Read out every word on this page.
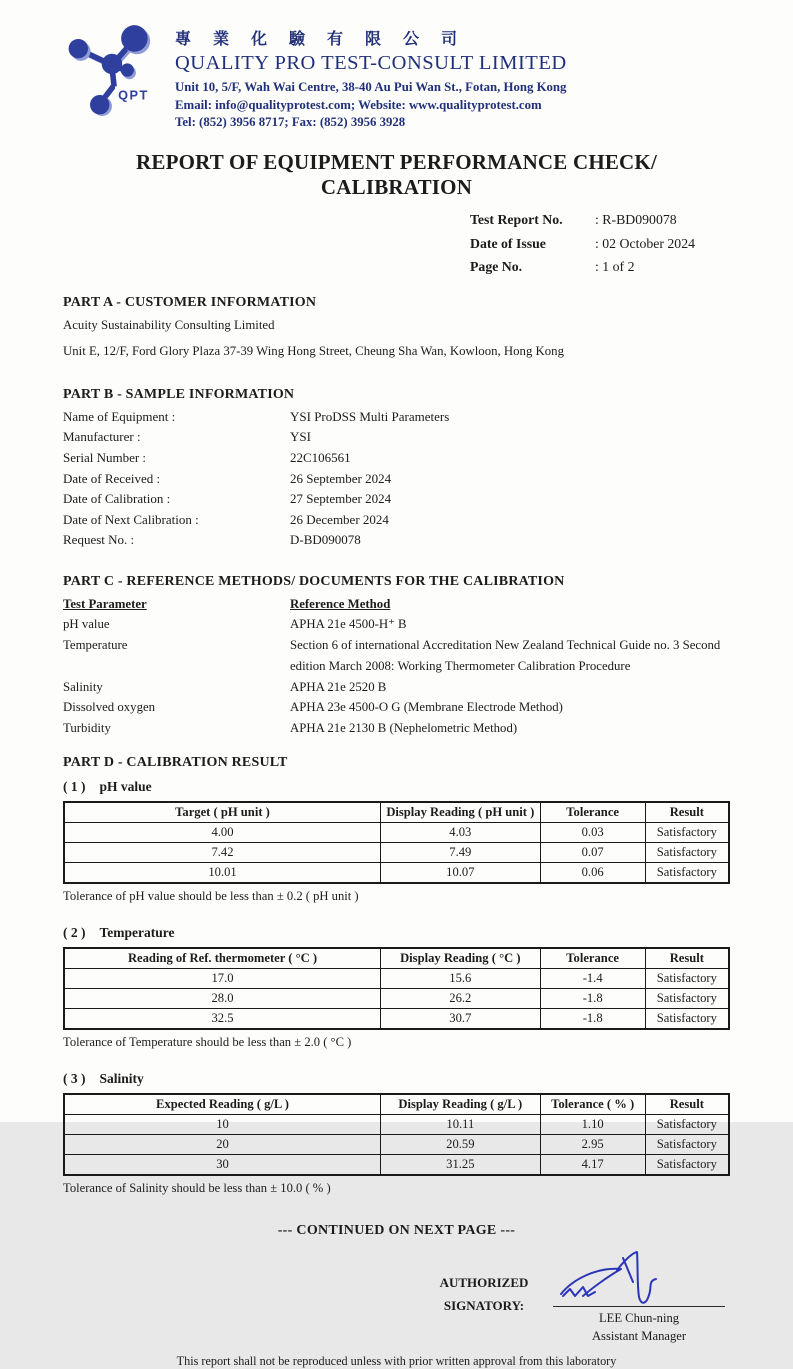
QPT
專 業 化 驗 有 限 公 司
QUALITY PRO TEST-CONSULT LIMITED
Unit 10, 5/F, Wah Wai Centre, 38-40 Au Pui Wan St., Fotan, Hong Kong
Email: info@qualityprotest.com; Website: www.qualityprotest.com
Tel: (852) 3956 8717; Fax: (852) 3956 3928
REPORT OF EQUIPMENT PERFORMANCE CHECK/ CALIBRATION
Test Report No.	: R-BD090078
Date of Issue	: 02 October 2024
Page No.	: 1 of 2
PART A - CUSTOMER INFORMATION

Acuity Sustainability Consulting Limited

Unit E, 12/F, Ford Glory Plaza 37-39 Wing Hong Street, Cheung Sha Wan, Kowloon, Hong Kong

PART B - SAMPLE INFORMATION
Name of Equipment :	YSI ProDSS Multi Parameters
Manufacturer :	YSI
Serial Number :	22C106561
Date of Received :	26 September 2024
Date of Calibration :	27 September 2024
Date of Next Calibration :	26 December 2024
Request No. :	D-BD090078
PART C - REFERENCE METHODS/ DOCUMENTS FOR THE CALIBRATION
Test Parameter	Reference Method
pH value	APHA 21e 4500-H⁺ B
Temperature	Section 6 of international Accreditation New Zealand Technical Guide no. 3 Second edition March 2008: Working Thermometer Calibration Procedure
Salinity	APHA 21e 2520 B
Dissolved oxygen	APHA 23e 4500-O G (Membrane Electrode Method)
Turbidity	APHA 21e 2130 B (Nephelometric Method)
PART D - CALIBRATION RESULT
( 1 ) pH value
Target ( pH unit )	Display Reading ( pH unit )	Tolerance	Result
4.00	4.03	0.03	Satisfactory
7.42	7.49	0.07	Satisfactory
10.01	10.07	0.06	Satisfactory
Tolerance of pH value should be less than ± 0.2 ( pH unit )
( 2 ) Temperature
Reading of Ref. thermometer ( °C )	Display Reading ( °C )	Tolerance	Result
17.0	15.6	-1.4	Satisfactory
28.0	26.2	-1.8	Satisfactory
32.5	30.7	-1.8	Satisfactory
Tolerance of Temperature should be less than ± 2.0 ( °C )
( 3 ) Salinity
Expected Reading ( g/L )	Display Reading ( g/L )	Tolerance ( % )	Result
10	10.11	1.10	Satisfactory
20	20.59	2.95	Satisfactory
30	31.25	4.17	Satisfactory
Tolerance of Salinity should be less than ± 10.0 ( % )
--- CONTINUED ON NEXT PAGE ---
AUTHORIZED
SIGNATORY:
LEE Chun-ning
Assistant Manager
This report shall not be reproduced unless with prior written approval from this laboratory
